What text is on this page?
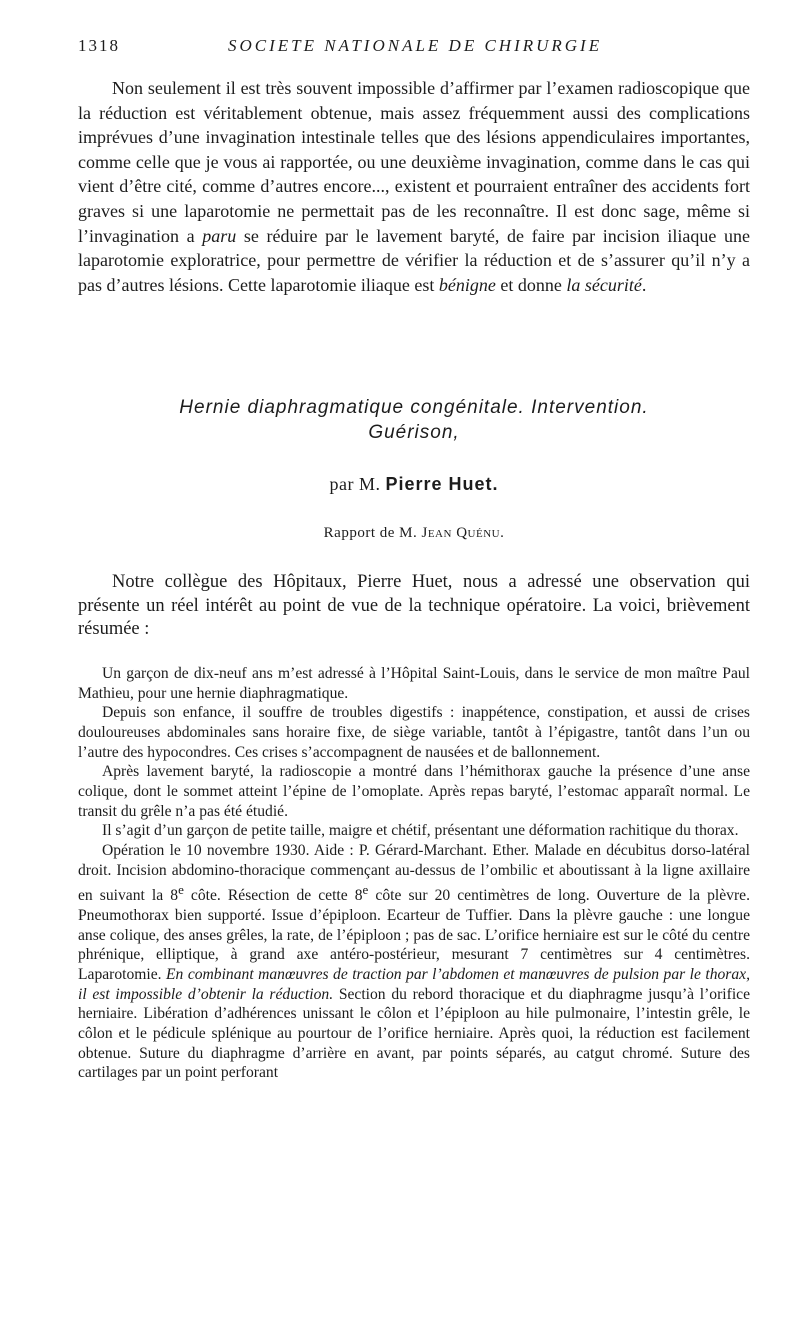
1318	SOCIETE NATIONALE DE CHIRURGIE

Non seulement il est très souvent impossible d’affirmer par l’examen radioscopique que la réduction est véritablement obtenue, mais assez fréquemment aussi des complications imprévues d’une invagination intestinale telles que des lésions appendiculaires importantes, comme celle que je vous ai rapportée, ou une deuxième invagination, comme dans le cas qui vient d’être cité, comme d’autres encore..., existent et pourraient entraîner des accidents fort graves si une laparotomie ne permettait pas de les reconnaître. Il est donc sage, même si l’invagination a paru se réduire par le lavement baryté, de faire par incision iliaque une laparotomie exploratrice, pour permettre de vérifier la réduction et de s’assurer qu’il n’y a pas d’autres lésions. Cette laparotomie iliaque est bénigne et donne la sécurité.

Hernie diaphragmatique congénitale. Intervention.
Guérison,
par M. Pierre Huet.
Rapport de M. Jean Quénu.

Notre collègue des Hôpitaux, Pierre Huet, nous a adressé une observation qui présente un réel intérêt au point de vue de la technique opératoire. La voici, brièvement résumée :

Un garçon de dix-neuf ans m’est adressé à l’Hôpital Saint-Louis, dans le service de mon maître Paul Mathieu, pour une hernie diaphragmatique.

Depuis son enfance, il souffre de troubles digestifs : inappétence, constipation, et aussi de crises douloureuses abdominales sans horaire fixe, de siège variable, tantôt à l’épigastre, tantôt dans l’un ou l’autre des hypocondres. Ces crises s’accompagnent de nausées et de ballonnement.

Après lavement baryté, la radioscopie a montré dans l’hémithorax gauche la présence d’une anse colique, dont le sommet atteint l’épine de l’omoplate. Après repas baryté, l’estomac apparaît normal. Le transit du grêle n’a pas été étudié.

Il s’agit d’un garçon de petite taille, maigre et chétif, présentant une déformation rachitique du thorax.

Opération le 10 novembre 1930. Aide : P. Gérard-Marchant. Ether. Malade en décubitus dorso-latéral droit. Incision abdomino-thoracique commençant au-dessus de l’ombilic et aboutissant à la ligne axillaire en suivant la 8e côte. Résection de cette 8e côte sur 20 centimètres de long. Ouverture de la plèvre. Pneumothorax bien supporté. Issue d’épiploon. Ecarteur de Tuffier. Dans la plèvre gauche : une longue anse colique, des anses grêles, la rate, de l’épiploon ; pas de sac. L’orifice herniaire est sur le côté du centre phrénique, elliptique, à grand axe antéro-postérieur, mesurant 7 centimètres sur 4 centimètres. Laparotomie. En combinant manœuvres de traction par l’abdomen et manœuvres de pulsion par le thorax, il est impossible d’obtenir la réduction. Section du rebord thoracique et du diaphragme jusqu’à l’orifice herniaire. Libération d’adhérences unissant le côlon et l’épiploon au hile pulmonaire, l’intestin grêle, le côlon et le pédicule splénique au pourtour de l’orifice herniaire. Après quoi, la réduction est facilement obtenue. Suture du diaphragme d’arrière en avant, par points séparés, au catgut chromé. Suture des cartilages par un point perforant
